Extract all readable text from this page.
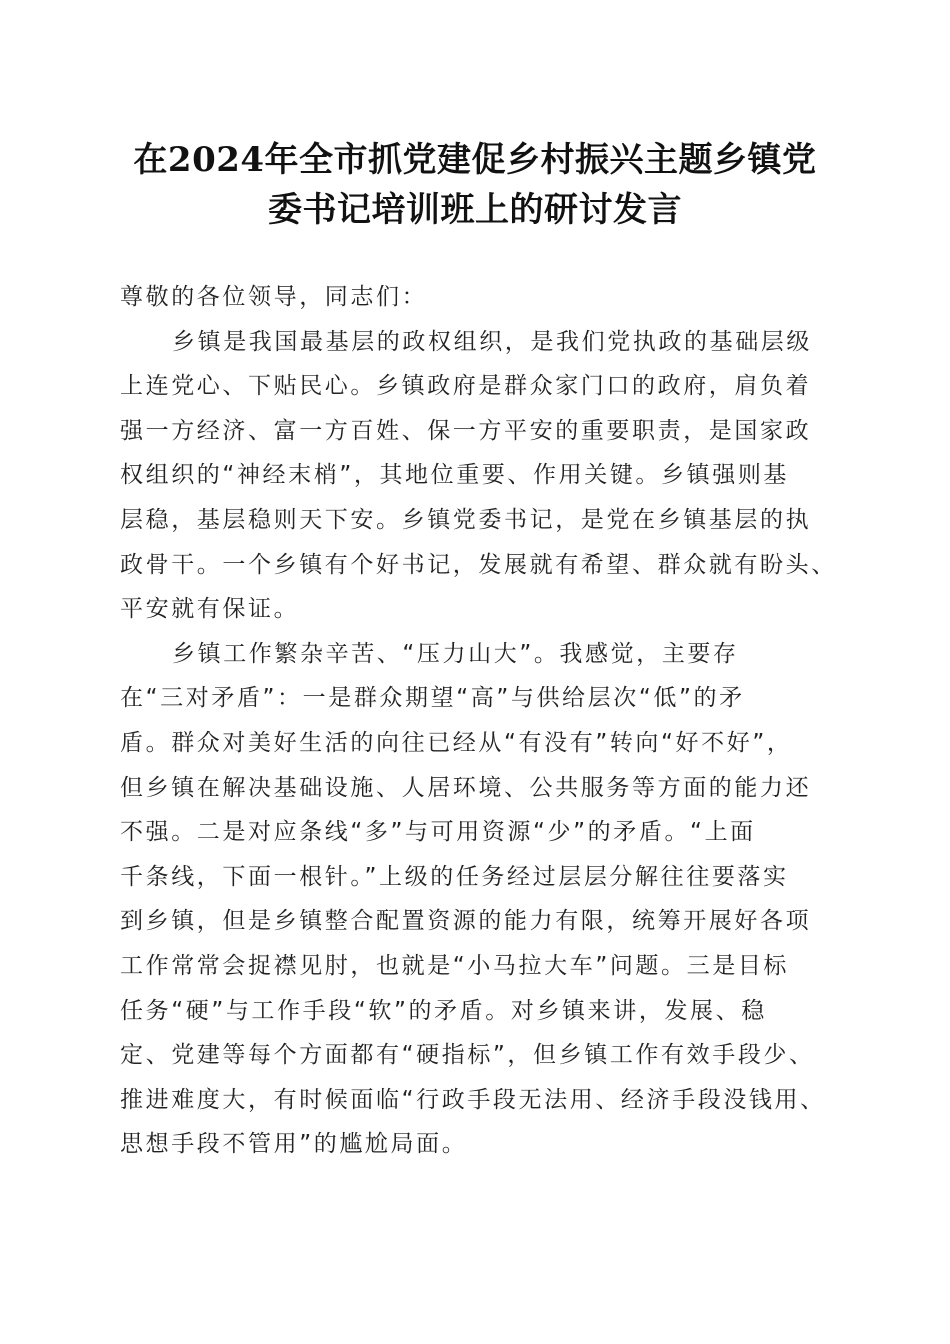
在2024年全市抓党建促乡村振兴主题乡镇党
委书记培训班上的研讨发言

尊敬的各位领导，同志们：

乡镇是我国最基层的政权组织，是我们党执政的基础层级
上连党心、下贴民心。乡镇政府是群众家门口的政府，肩负着
强一方经济、富一方百姓、保一方平安的重要职责，是国家政
权组织的“神经末梢”，其地位重要、作用关键。乡镇强则基
层稳，基层稳则天下安。乡镇党委书记，是党在乡镇基层的执
政骨干。一个乡镇有个好书记，发展就有希望、群众就有盼头、
平安就有保证。

乡镇工作繁杂辛苦、“压力山大”。我感觉，主要存
在“三对矛盾”：一是群众期望“高”与供给层次“低”的矛
盾。群众对美好生活的向往已经从“有没有”转向“好不好”，
但乡镇在解决基础设施、人居环境、公共服务等方面的能力还
不强。二是对应条线“多”与可用资源“少”的矛盾。“上面
千条线，下面一根针。”上级的任务经过层层分解往往要落实
到乡镇，但是乡镇整合配置资源的能力有限，统筹开展好各项
工作常常会捉襟见肘，也就是“小马拉大车”问题。三是目标
任务“硬”与工作手段“软”的矛盾。对乡镇来讲，发展、稳
定、党建等每个方面都有“硬指标”，但乡镇工作有效手段少、
推进难度大，有时候面临“行政手段无法用、经济手段没钱用、
思想手段不管用”的尴尬局面。
